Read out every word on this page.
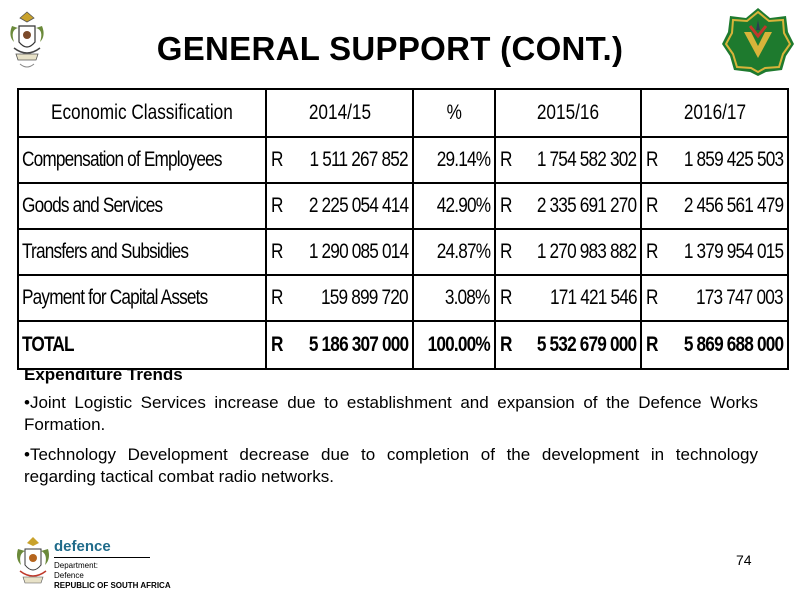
GENERAL SUPPORT (CONT.)
Economic Classification	2014/15		%	2015/16		2016/17	
Compensation of Employees	R	1 511 267 852	29.14%	R	1 754 582 302	R	1 859 425 503
Goods and Services	R	2 225 054 414	42.90%	R	2 335 691 270	R	2 456 561 479
Transfers and Subsidies	R	1 290 085 014	24.87%	R	1 270 983 882	R	1 379 954 015
Payment for Capital Assets	R	159 899 720	3.08%	R	171 421 546	R	173 747 003
TOTAL	R	5 186 307 000	100.00%	R	5 532 679 000	R	5 869 688 000
Expenditure Trends

•Joint Logistic Services increase due to establishment and expansion of the Defence Works Formation.

•Technology Development decrease due to completion of the development in technology regarding tactical combat radio networks.

defence
Department:
Defence
REPUBLIC OF SOUTH AFRICA
74
